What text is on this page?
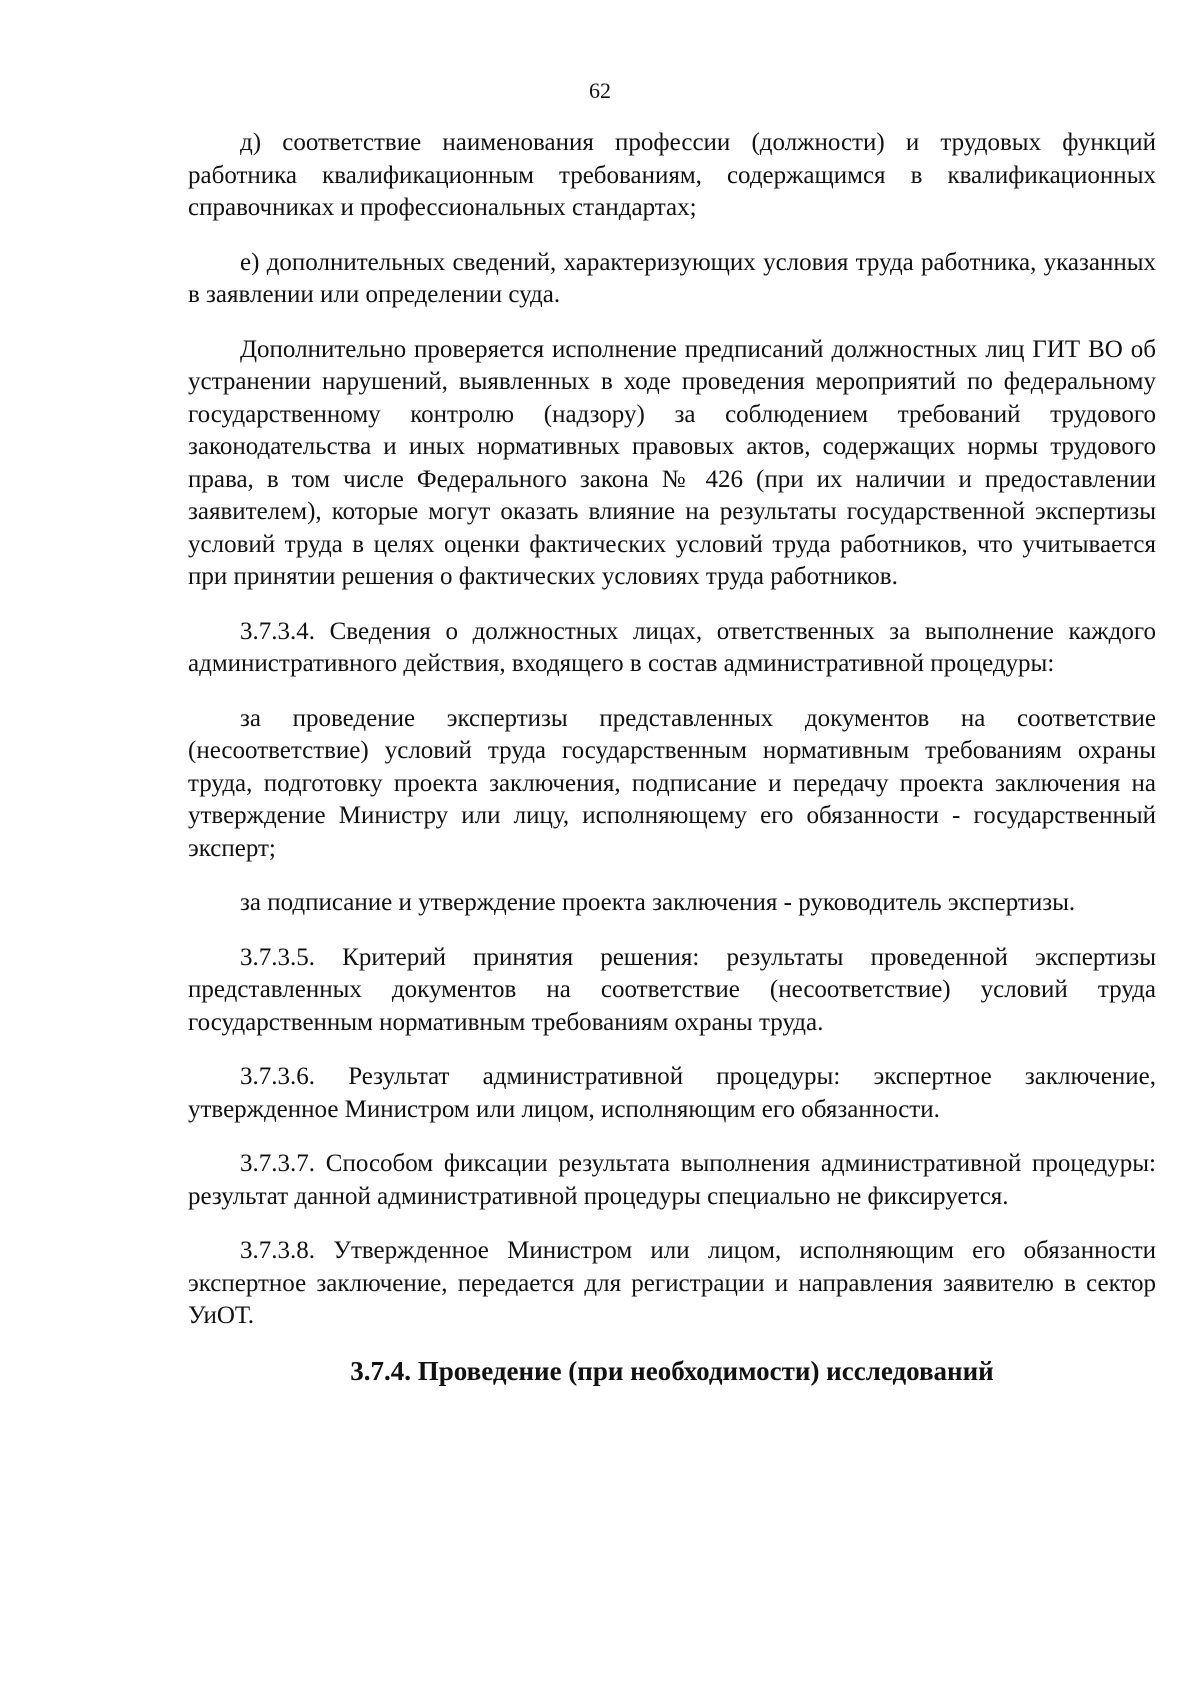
62

д) соответствие наименования профессии (должности) и трудовых функций работника квалификационным требованиям, содержащимся в квалификационных справочниках и профессиональных стандартах;

е) дополнительных сведений, характеризующих условия труда работника, указанных в заявлении или определении суда.

Дополнительно проверяется исполнение предписаний должностных лиц ГИТ ВО об устранении нарушений, выявленных в ходе проведения мероприятий по федеральному государственному контролю (надзору) за соблюдением требований трудового законодательства и иных нормативных правовых актов, содержащих нормы трудового права, в том числе Федерального закона № 426 (при их наличии и предоставлении заявителем), которые могут оказать влияние на результаты государственной экспертизы условий труда в целях оценки фактических условий труда работников, что учитывается при принятии решения о фактических условиях труда работников.

3.7.3.4. Сведения о должностных лицах, ответственных за выполнение каждого административного действия, входящего в состав административной процедуры:

за проведение экспертизы представленных документов на соответствие (несоответствие) условий труда государственным нормативным требованиям охраны труда, подготовку проекта заключения, подписание и передачу проекта заключения на утверждение Министру или лицу, исполняющему его обязанности - государственный эксперт;

за подписание и утверждение проекта заключения - руководитель экспертизы.

3.7.3.5. Критерий принятия решения: результаты проведенной экспертизы представленных документов на соответствие (несоответствие) условий труда государственным нормативным требованиям охраны труда.

3.7.3.6. Результат административной процедуры: экспертное заключение, утвержденное Министром или лицом, исполняющим его обязанности.

3.7.3.7. Способом фиксации результата выполнения административной процедуры: результат данной административной процедуры специально не фиксируется.

3.7.3.8. Утвержденное Министром или лицом, исполняющим его обязанности экспертное заключение, передается для регистрации и направления заявителю в сектор УиОТ.

3.7.4. Проведение (при необходимости) исследований
